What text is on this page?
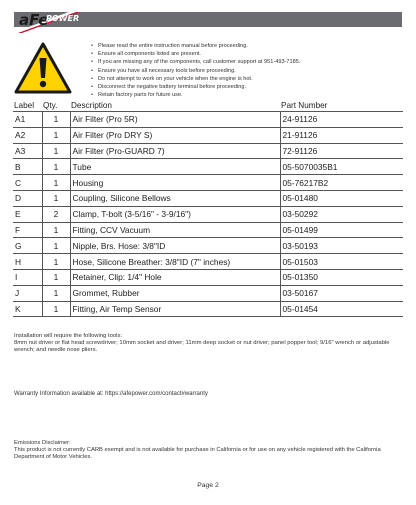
aFe
POWER
• Please read the entire instruction manual before proceeding.
• Ensure all components listed are present.
• If you are missing any of the components, call customer support at 951-493-7185.
• Ensure you have all necessary tools before proceeding.
• Do not attempt to work on your vehicle when the engine is hot.
• Disconnect the negative battery terminal before proceeding.
• Retain factory parts for future use.
Label	Qty.	Description	Part Number
A1	1	Air Filter (Pro 5R)	24-91126
A2	1	Air Filter (Pro DRY S)	21-91126
A3	1	Air Filter (Pro-GUARD 7)	72-91126
B	1	Tube	05-5070035B1
C	1	Housing	05-76217B2
D	1	Coupling, Silicone Bellows	05-01480
E	2	Clamp, T-bolt (3-5/16" - 3-9/16")	03-50292
F	1	Fitting, CCV Vacuum	05-01499
G	1	Nipple, Brs. Hose: 3/8"ID	03-50193
H	1	Hose, Silicone Breather: 3/8"ID (7" inches)	05-01503
I	1	Retainer, Clip: 1/4" Hole	05-01350
J	1	Grommet, Rubber	03-50167
K	1	Fitting, Air Temp Sensor	05-01454

Installation will require the following tools:

8mm nut driver or flat head screwdriver; 10mm socket and driver; 11mm deep socket or nut driver; panel popper tool; 9/16" wrench or adjustable wrench; and needle nose pliers.

Warranty Information available at: https://afepower.com/contact#warranty

Emissions Disclaimer:

This product is not currently CARB exempt and is not available for purchase in California or for use on any vehicle registered with the California Department of Motor Vehicles.

Page 2
